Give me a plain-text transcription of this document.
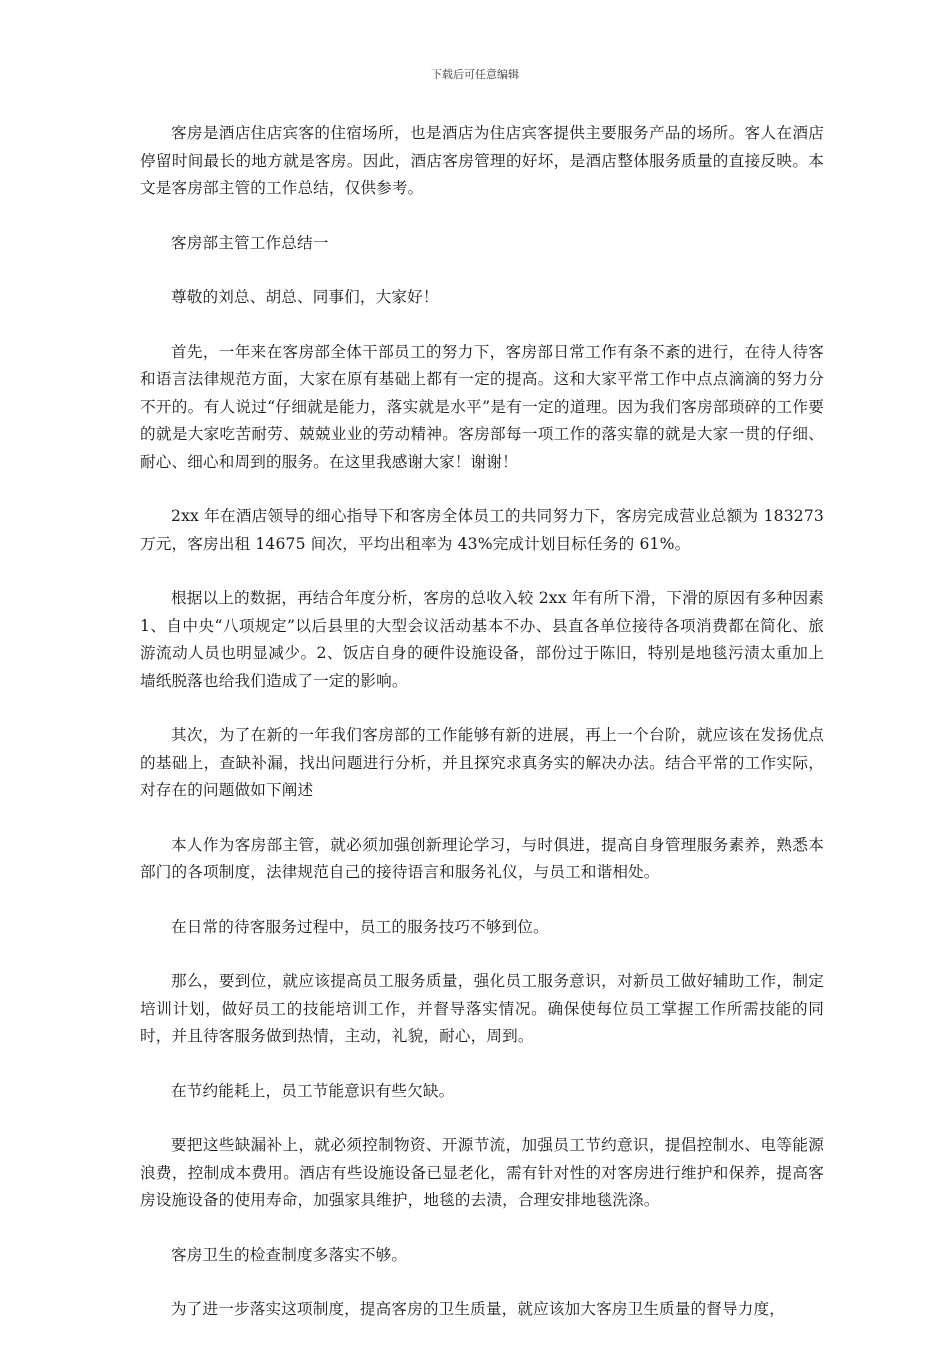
下载后可任意编辑

客房是酒店住店宾客的住宿场所，也是酒店为住店宾客提供主要服务产品的场所。客人在酒店停留时间最长的地方就是客房。因此，酒店客房管理的好坏，是酒店整体服务质量的直接反映。本文是客房部主管的工作总结，仅供参考。

客房部主管工作总结一

尊敬的刘总、胡总、同事们，大家好！

首先，一年来在客房部全体干部员工的努力下，客房部日常工作有条不紊的进行，在待人待客和语言法律规范方面，大家在原有基础上都有一定的提高。这和大家平常工作中点点滴滴的努力分不开的。有人说过“仔细就是能力，落实就是水平”是有一定的道理。因为我们客房部琐碎的工作要的就是大家吃苦耐劳、兢兢业业的劳动精神。客房部每一项工作的落实靠的就是大家一贯的仔细、耐心、细心和周到的服务。在这里我感谢大家！谢谢！

2xx 年在酒店领导的细心指导下和客房全体员工的共同努力下，客房完成营业总额为 183273 万元，客房出租 14675 间次，平均出租率为 43%完成计划目标任务的 61%。

根据以上的数据，再结合年度分析，客房的总收入较 2xx 年有所下滑，下滑的原因有多种因素 1、自中央“八项规定”以后县里的大型会议活动基本不办、县直各单位接待各项消费都在简化、旅游流动人员也明显减少。2、饭店自身的硬件设施设备，部份过于陈旧，特别是地毯污渍太重加上墙纸脱落也给我们造成了一定的影响。

其次，为了在新的一年我们客房部的工作能够有新的进展，再上一个台阶，就应该在发扬优点的基础上，查缺补漏，找出问题进行分析，并且探究求真务实的解决办法。结合平常的工作实际，对存在的问题做如下阐述

本人作为客房部主管，就必须加强创新理论学习，与时俱进，提高自身管理服务素养，熟悉本部门的各项制度，法律规范自己的接待语言和服务礼仪，与员工和谐相处。

在日常的待客服务过程中，员工的服务技巧不够到位。

那么，要到位，就应该提高员工服务质量，强化员工服务意识，对新员工做好辅助工作，制定培训计划，做好员工的技能培训工作，并督导落实情况。确保使每位员工掌握工作所需技能的同时，并且待客服务做到热情，主动，礼貌，耐心，周到。

在节约能耗上，员工节能意识有些欠缺。

要把这些缺漏补上，就必须控制物资、开源节流，加强员工节约意识，提倡控制水、电等能源浪费，控制成本费用。酒店有些设施设备已显老化，需有针对性的对客房进行维护和保养，提高客房设施设备的使用寿命，加强家具维护，地毯的去渍，合理安排地毯洗涤。

客房卫生的检查制度多落实不够。

为了进一步落实这项制度，提高客房的卫生质量，就应该加大客房卫生质量的督导力度，
